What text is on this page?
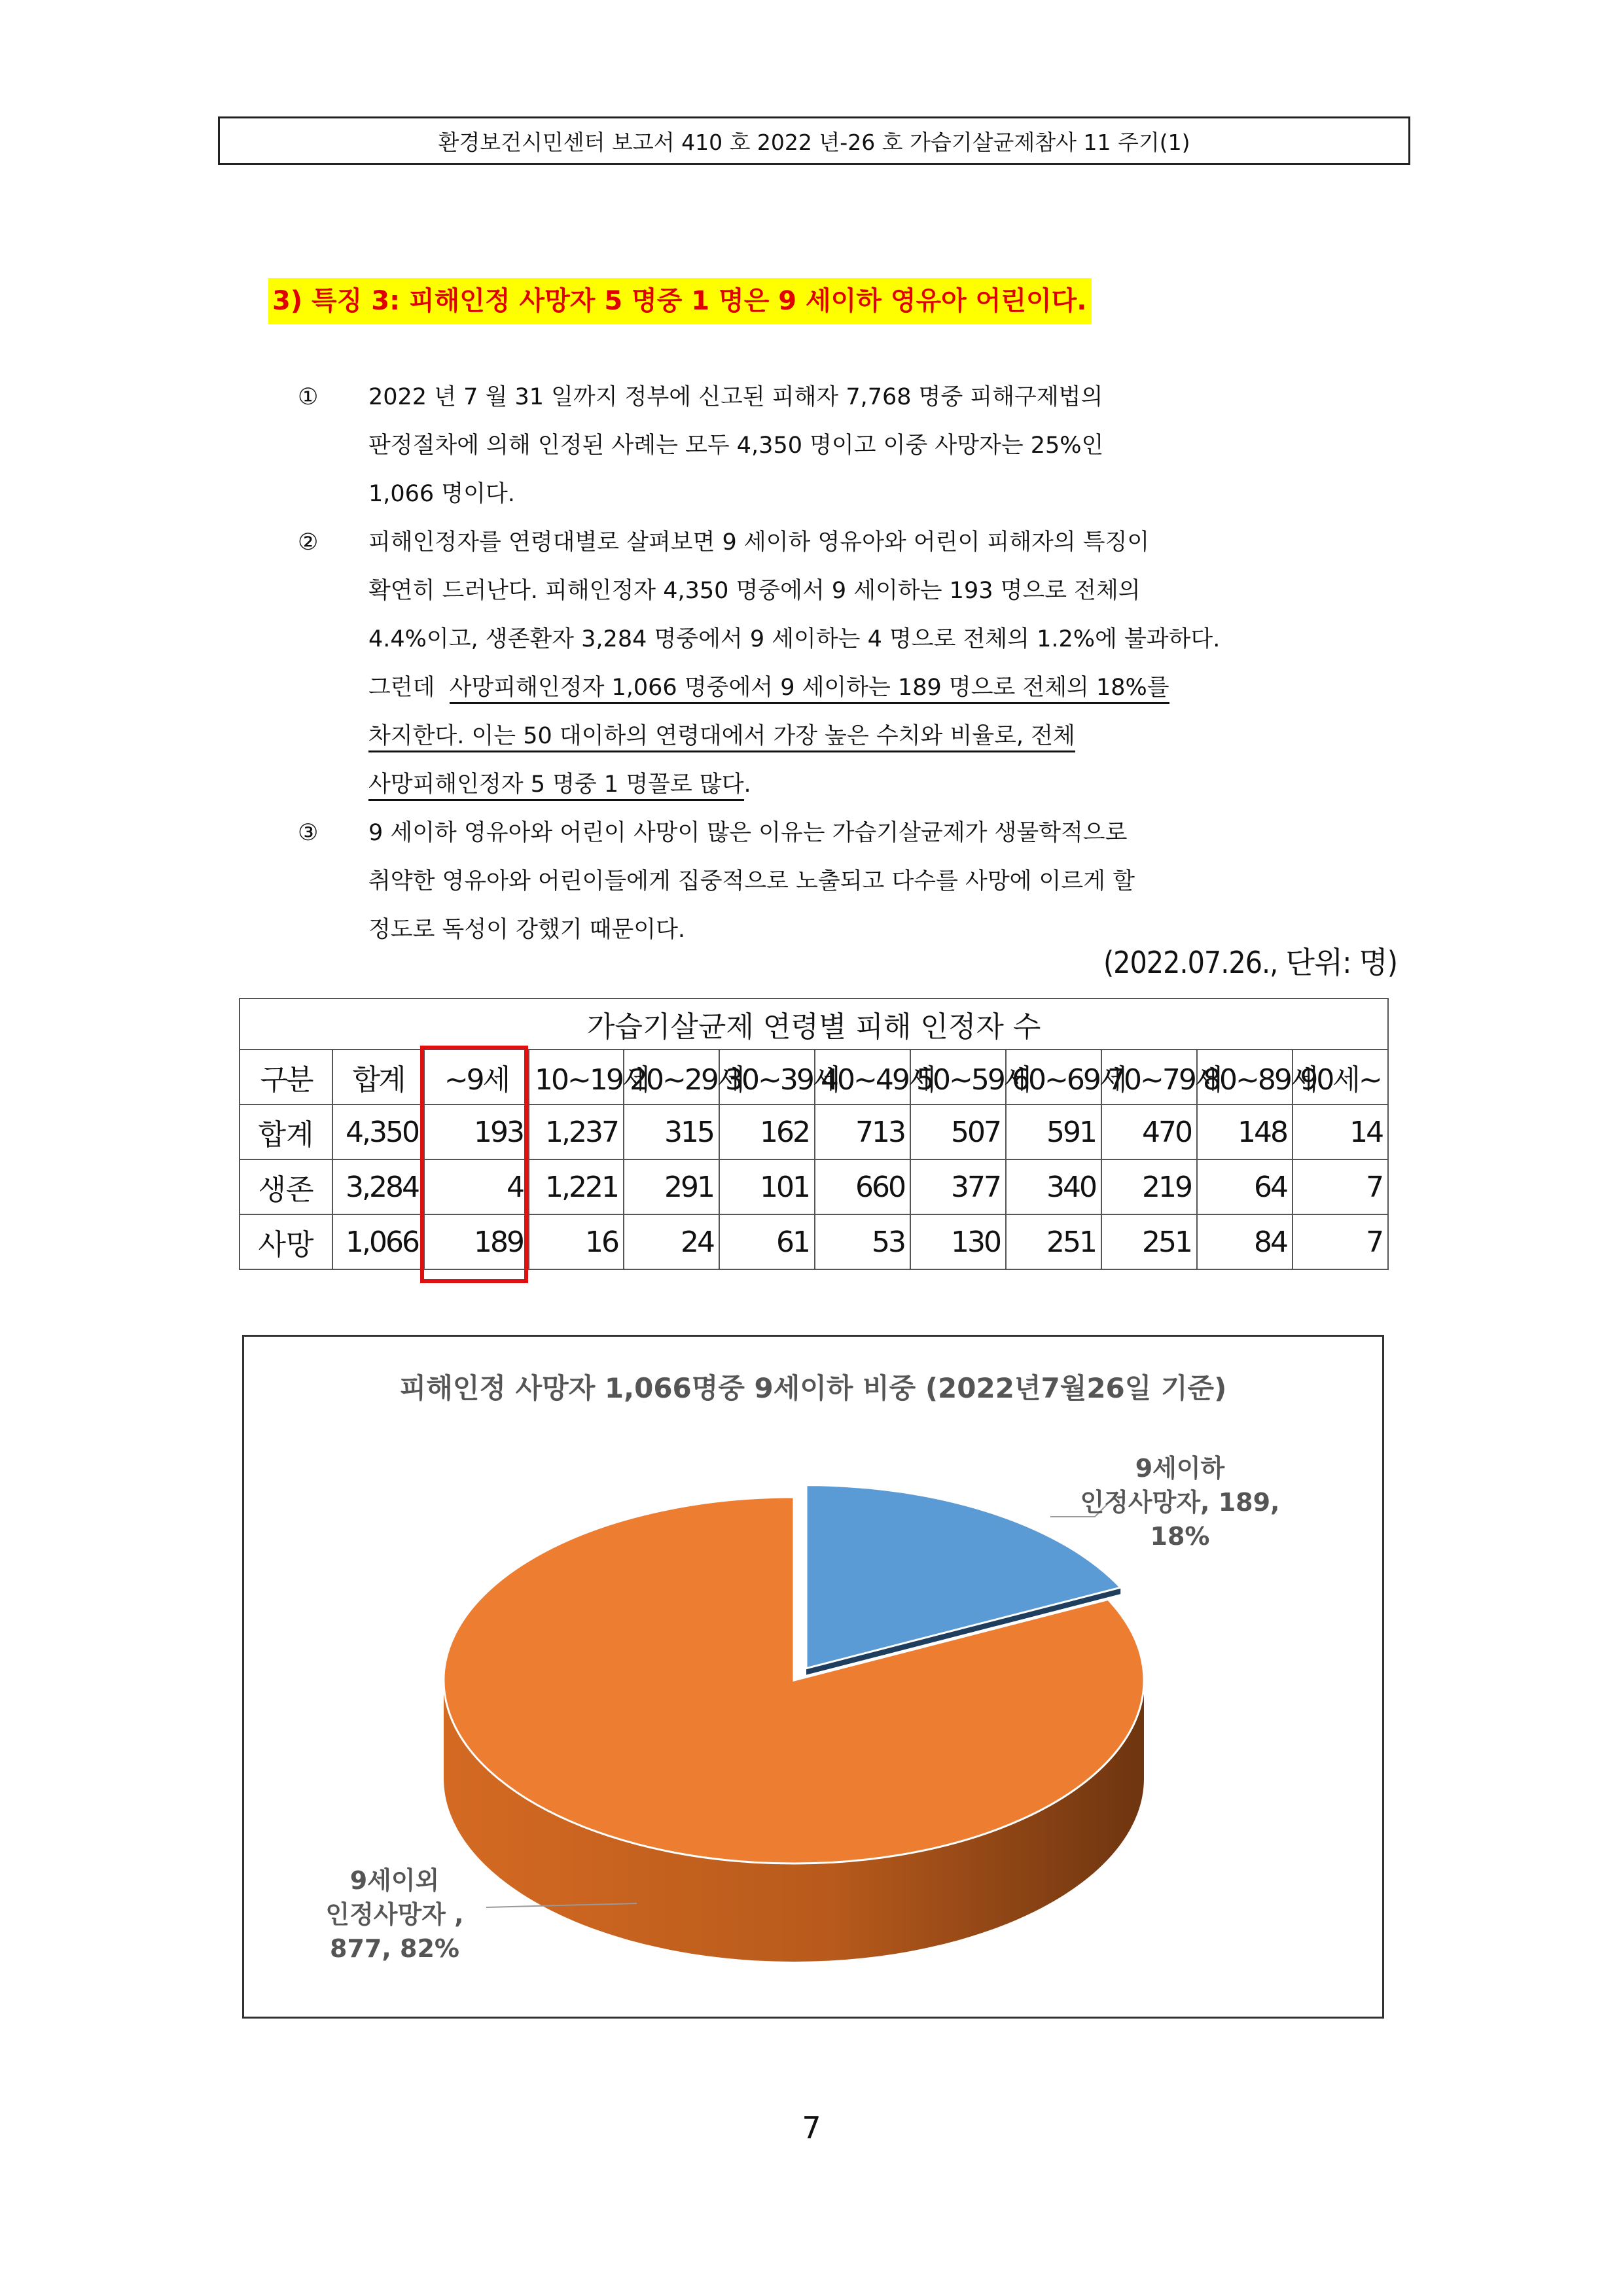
환경보건시민센터 보고서 410 호 2022 년-26 호 가습기살균제참사 11 주기(1)
3) 특징 3: 피해인정 사망자 5 명중 1 명은 9 세이하 영유아 어린이다.
①	2022 년 7 월 31 일까지 정부에 신고된 피해자 7,768 명중 피해구제법의
판정절차에 의해 인정된 사례는 모두 4,350 명이고 이중 사망자는 25%인
1,066 명이다.
②	피해인정자를 연령대별로 살펴보면 9 세이하 영유아와 어린이 피해자의 특징이
확연히 드러난다. 피해인정자 4,350 명중에서 9 세이하는 193 명으로 전체의
4.4%이고, 생존환자 3,284 명중에서 9 세이하는 4 명으로 전체의 1.2%에 불과하다.
그런데 사망피해인정자 1,066 명중에서 9 세이하는 189 명으로 전체의 18%를
차지한다. 이는 50 대이하의 연령대에서 가장 높은 수치와 비율로, 전체
사망피해인정자 5 명중 1 명꼴로 많다.
③	9 세이하 영유아와 어린이 사망이 많은 이유는 가습기살균제가 생물학적으로
취약한 영유아와 어린이들에게 집중적으로 노출되고 다수를 사망에 이르게 할
정도로 독성이 강했기 때문이다.
(2022.07.26., 단위: 명)
가습기살균제 연령별 피해 인정자 수											
구분	합계	~9세	10~19세	20~29세	30~39세	40~49세	50~59세	60~69세	70~79세	80~89세	90세~
합계	4,350	193	1,237	315	162	713	507	591	470	148	14
생존	3,284	4	1,221	291	101	660	377	340	219	64	7
사망	1,066	189	16	24	61	53	130	251	251	84	7
피해인정 사망자 1,066명중 9세이하 비중 (2022년7월26일 기준)
9세이하
인정사망자, 189,
18%
9세이외
인정사망자 ,
877, 82%
7
